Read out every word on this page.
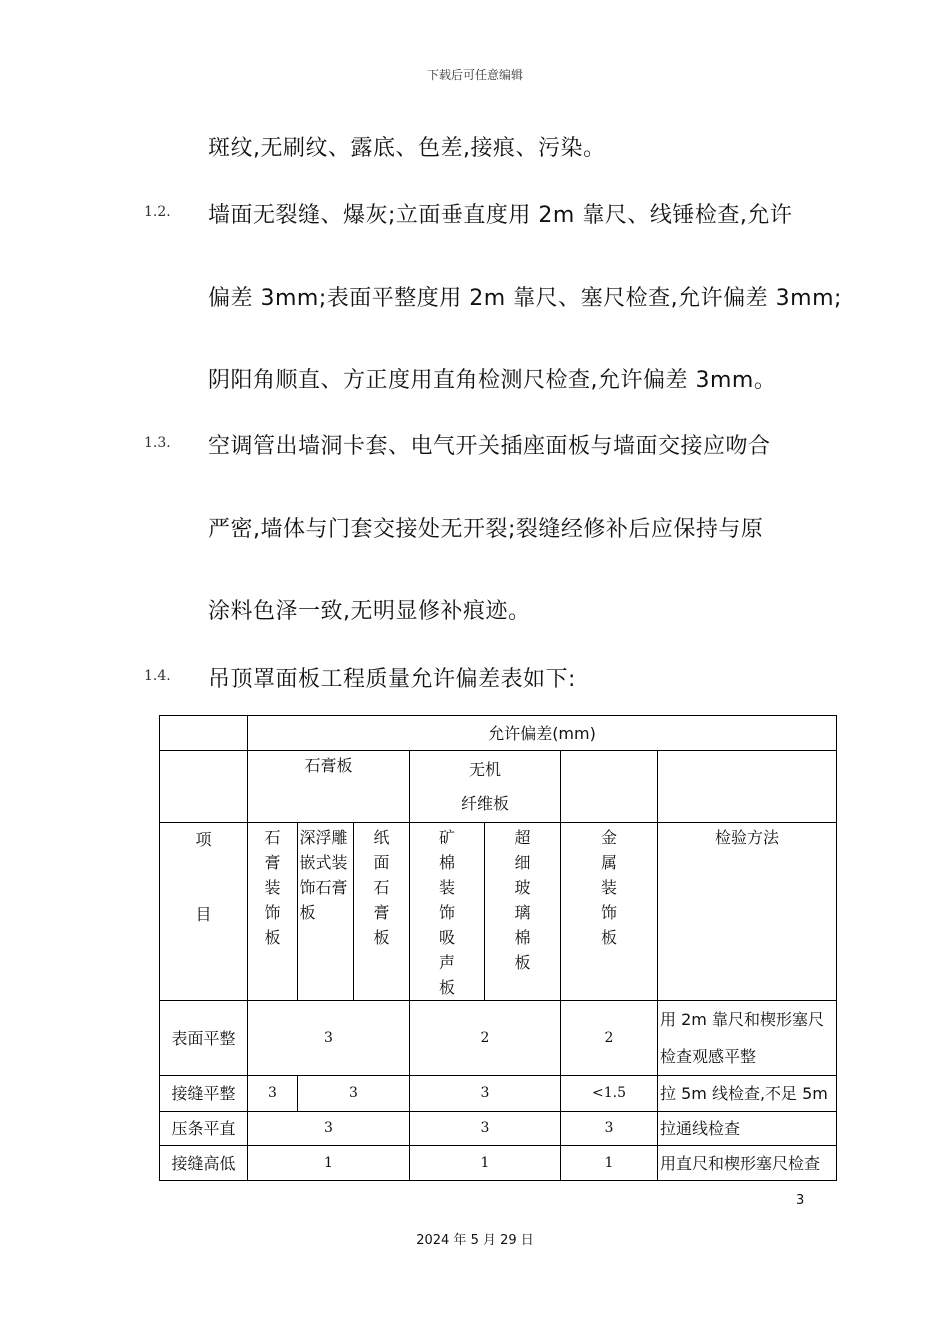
下载后可任意编辑
斑纹,无刷纹、露底、色差,接痕、污染。
1.2. 墙面无裂缝、爆灰;立面垂直度用 2m 靠尺、线锤检查,允许
偏差 3mm;表面平整度用 2m 靠尺、塞尺检查,允许偏差 3mm;
阴阳角顺直、方正度用直角检测尺检查,允许偏差 3mm。
1.3. 空调管出墙洞卡套、电气开关插座面板与墙面交接应吻合
严密,墙体与门套交接处无开裂;裂缝经修补后应保持与原
涂料色泽一致,无明显修补痕迹。
1.4. 吊顶罩面板工程质量允许偏差表如下:
	允许偏差(mm)						
	石膏板			无机
纤维板			

项
目	石膏装饰板	深浮雕嵌式装饰石膏板	纸面石膏板	矿棉装饰吸声板	超细玻璃棉板	金属装饰板	检验方法
表面平整	3			2		2	用 2m 靠尺和楔形塞尺检查观感平整
接缝平整	3	3		3		<1.5	拉 5m 线检查,不足 5m
压条平直	3			3		3	拉通线检查
接缝高低	1			1		1	用直尺和楔形塞尺检查
3
2024 年 5 月 29 日
